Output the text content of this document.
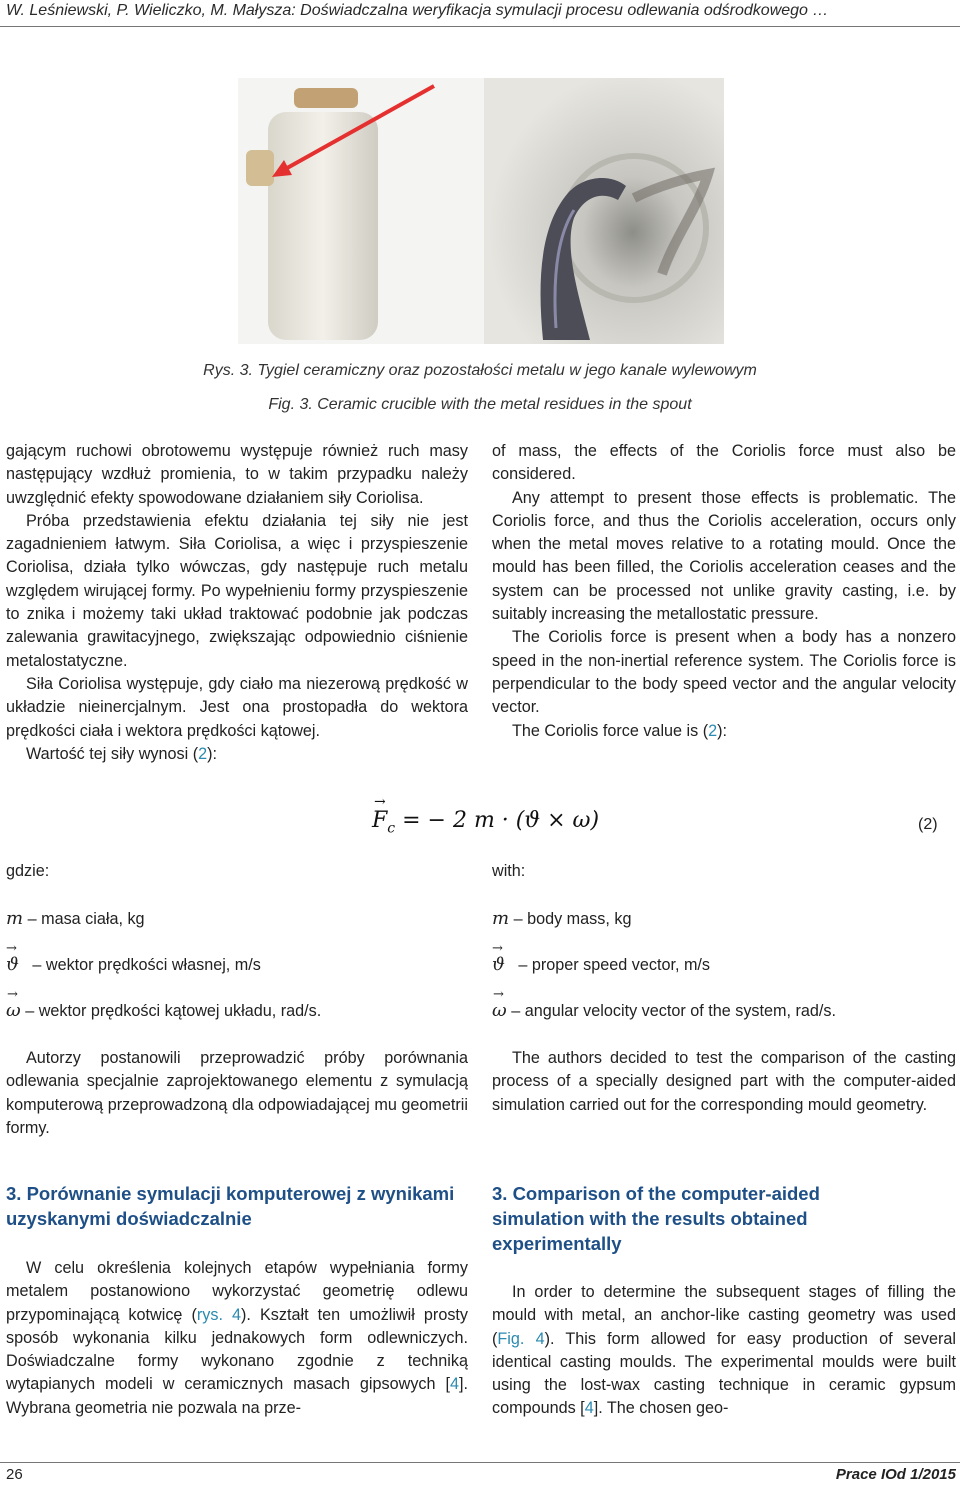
W. Leśniewski, P. Wieliczko, M. Małysza: Doświadczalna weryfikacja symulacji procesu odlewania odśrodkowego …
Rys. 3. Tygiel ceramiczny oraz pozostałości metalu w jego kanale wylewowym
Fig. 3. Ceramic crucible with the metal residues in the spout

gającym ruchowi obrotowemu występuje również ruch masy następujący wzdłuż promienia, to w takim przypadku należy uwzględnić efekty spowodowane działaniem siły Coriolisa.

Próba przedstawienia efektu działania tej siły nie jest zagadnieniem łatwym. Siła Coriolisa, a więc i przyspieszenie Coriolisa, działa tylko wówczas, gdy następuje ruch metalu względem wirującej formy. Po wypełnieniu formy przyspieszenie to znika i możemy taki układ traktować podobnie jak podczas zalewania grawitacyjnego, zwiększając odpowiednio ciśnienie metalostatyczne.

Siła Coriolisa występuje, gdy ciało ma niezerową prędkość w układzie nieinercjalnym. Jest ona prostopadła do wektora prędkości ciała i wektora prędkości kątowej.

Wartość tej siły wynosi (2):

of mass, the effects of the Coriolis force must also be considered.

Any attempt to present those effects is problematic. The Coriolis force, and thus the Coriolis acceleration, occurs only when the metal moves relative to a rotating mould. Once the mould has been filled, the Coriolis acceleration ceases and the system can be processed not unlike gravity casting, i.e. by suitably increasing the metallostatic pressure.

The Coriolis force is present when a body has a nonzero speed in the non-inertial reference system. The Coriolis force is perpendicular to the body speed vector and the angular velocity vector.

The Coriolis force value is (2):

→
$F_c$ = − 2 m · (ϑ × ω)	(2)
gdzie:
m – masa ciała, kg
→
ϑ – wektor prędkości własnej, m/s
→
ω – wektor prędkości kątowej układu, rad/s.
with:
m – body mass, kg
→
ϑ – proper speed vector, m/s
→
ω – angular velocity vector of the system, rad/s.

Autorzy postanowili przeprowadzić próby porównania odlewania specjalnie zaprojektowanego elementu z symulacją komputerową przeprowadzoną dla odpowiadającej mu geometrii formy.

The authors decided to test the comparison of the casting process of a specially designed part with the computer-aided simulation carried out for the corresponding mould geometry.

3. Porównanie symulacji komputerowej z wynikami uzyskanymi doświadczalnie
3. Comparison of the computer-aided simulation with the results obtained experimentally

W celu określenia kolejnych etapów wypełniania formy metalem postanowiono wykorzystać geometrię odlewu przypominającą kotwicę (rys. 4). Kształt ten umożliwił prosty sposób wykonania kilku jednakowych form odlewniczych. Doświadczalne formy wykonano zgodnie z techniką wytapianych modeli w ceramicznych masach gipsowych [4]. Wybrana geometria nie pozwala na prze-

In order to determine the subsequent stages of filling the mould with metal, an anchor-like casting geometry was used (Fig. 4). This form allowed for easy production of several identical casting moulds. The experimental moulds were built using the lost-wax casting technique in ceramic gypsum compounds [4]. The chosen geo-

26	Prace IOd 1/2015
